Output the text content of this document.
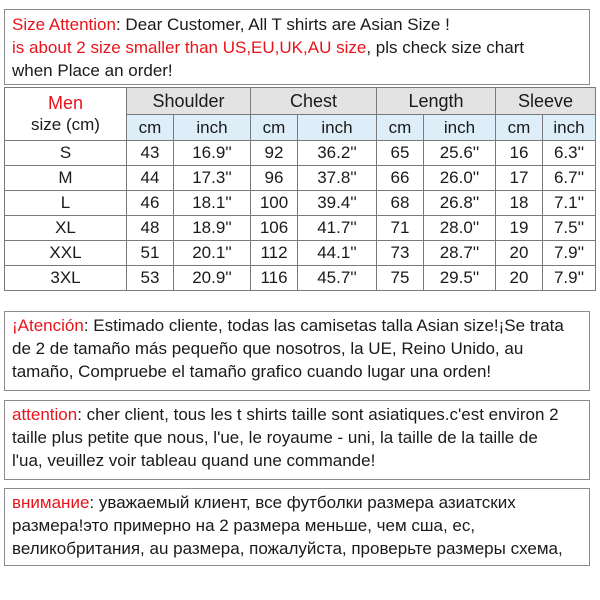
Size Attention: Dear Customer, All T shirts are Asian Size !
is about 2 size smaller than US,EU,UK,AU size, pls check size chart
when Place an order!
Men
size (cm)	Shoulder		Chest		Length		Sleeve	
	cm	inch	cm	inch	cm	inch	cm	inch
S	43	16.9''	92	36.2''	65	25.6''	16	6.3''
M	44	17.3''	96	37.8''	66	26.0''	17	6.7''
L	46	18.1''	100	39.4''	68	26.8''	18	7.1''
XL	48	18.9''	106	41.7''	71	28.0''	19	7.5''
XXL	51	20.1''	112	44.1''	73	28.7''	20	7.9''
3XL	53	20.9''	116	45.7''	75	29.5''	20	7.9''
¡Atención: Estimado cliente, todas las camisetas talla Asian size!¡Se trata
de 2 de tamaño más pequeño que nosotros, la UE, Reino Unido, au
tamaño, Compruebe el tamaño grafico cuando lugar una orden!
attention: cher client, tous les t shirts taille sont asiatiques.c'est environ 2
taille plus petite que nous, l'ue, le royaume - uni, la taille de la taille de
l'ua, veuillez voir tableau quand une commande!
внимание: уважаемый клиент, все футболки размера азиатских
размера!это примерно на 2 размера меньше, чем сша, ес,
великобритания, au размера, пожалуйста, проверьте размеры схема,
